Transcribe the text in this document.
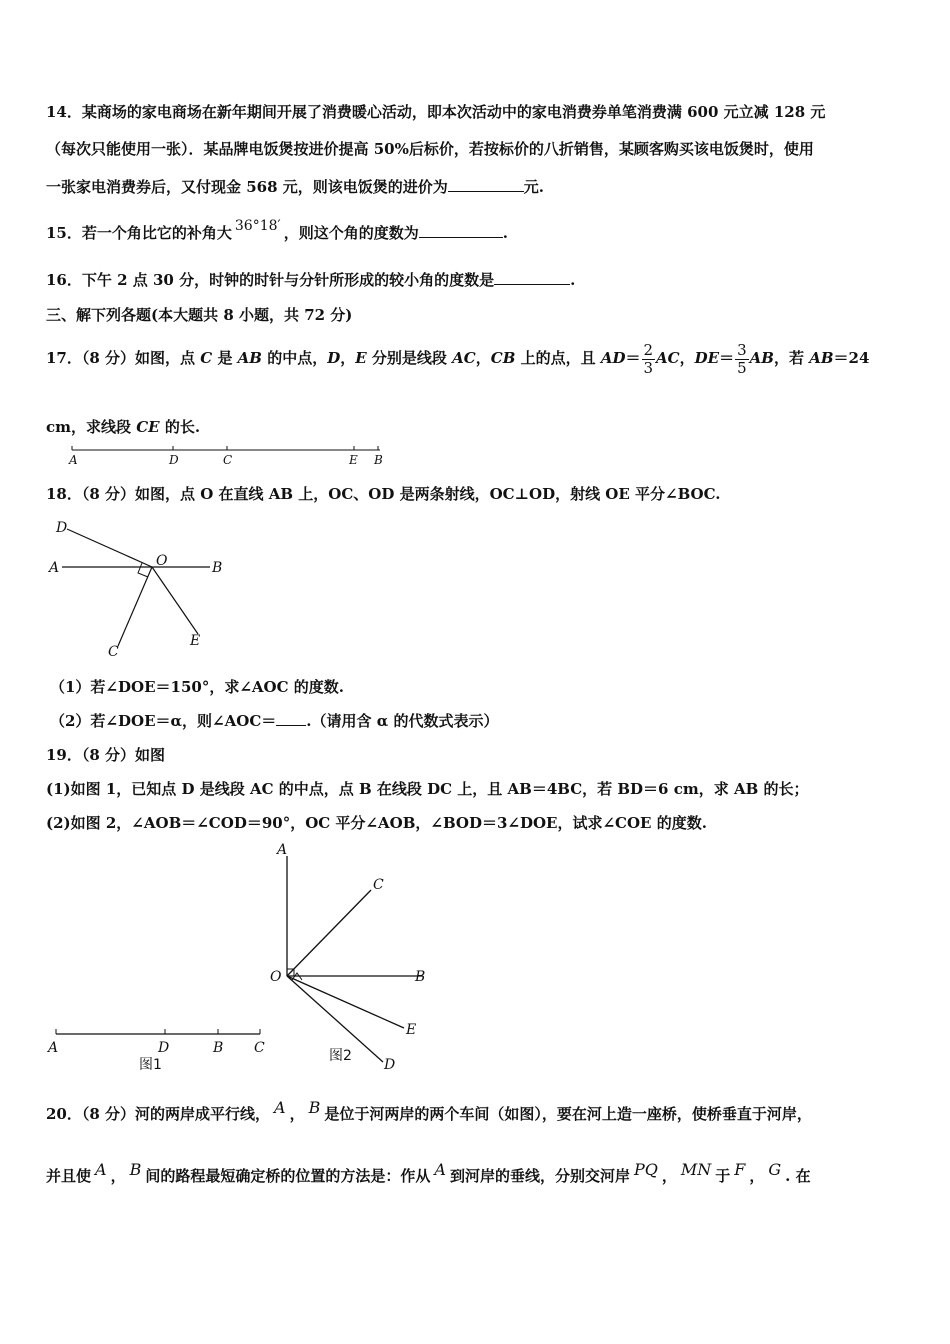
14．某商场的家电商场在新年期间开展了消费暖心活动，即本次活动中的家电消费券单笔消费满 600 元立减 128 元
（每次只能使用一张）．某品牌电饭煲按进价提高 50%后标价，若按标价的八折销售，某顾客购买该电饭煲时，使用
一张家电消费券后，又付现金 568 元，则该电饭煲的进价为	元.
15．若一个角比它的补角大 36°18′ ，则这个角的度数为	.
16．下午 2 点 30 分，时钟的时针与分针所形成的较小角的度数是	.
三、解下列各题(本大题共 8 小题，共 72 分)
17．（8 分）如图，点 C 是 AB 的中点，D，E 分别是线段 AC，CB 上的点，且 $AD= \frac{2}{3}$ AC，$DE= \frac{3}{5}$ AB，若 AB＝24
cm，求线段 CE 的长.
A	D	C	E B
18．（8 分）如图，点 O 在直线 AB 上，OC、OD 是两条射线，OC⊥OD，射线 OE 平分∠BOC.
D
A	O	B
C
E
（1）若∠DOE＝150°，求∠AOC 的度数.
（2）若∠DOE＝α，则∠AOC＝ .（请用含 α 的代数式表示）
19．（8 分）如图
(1)如图 1，已知点 D 是线段 AC 的中点，点 B 在线段 DC 上，且 AB＝4BC，若 BD＝6 cm，求 AB 的长；
(2)如图 2，∠AOB＝∠COD＝90°，OC 平分∠AOB，∠BOD＝3∠DOE，试求∠COE 的度数.
A	D	B C
图1
A
C
O	B
E
D
图2
20．（8 分）河的两岸成平行线， A ， B 是位于河两岸的两个车间（如图），要在河上造一座桥，使桥垂直于河岸，
并且使 A ， B 间的路程最短确定桥的位置的方法是：作从 A 到河岸的垂线，分别交河岸 PQ ， MN 于 F ， G . 在
